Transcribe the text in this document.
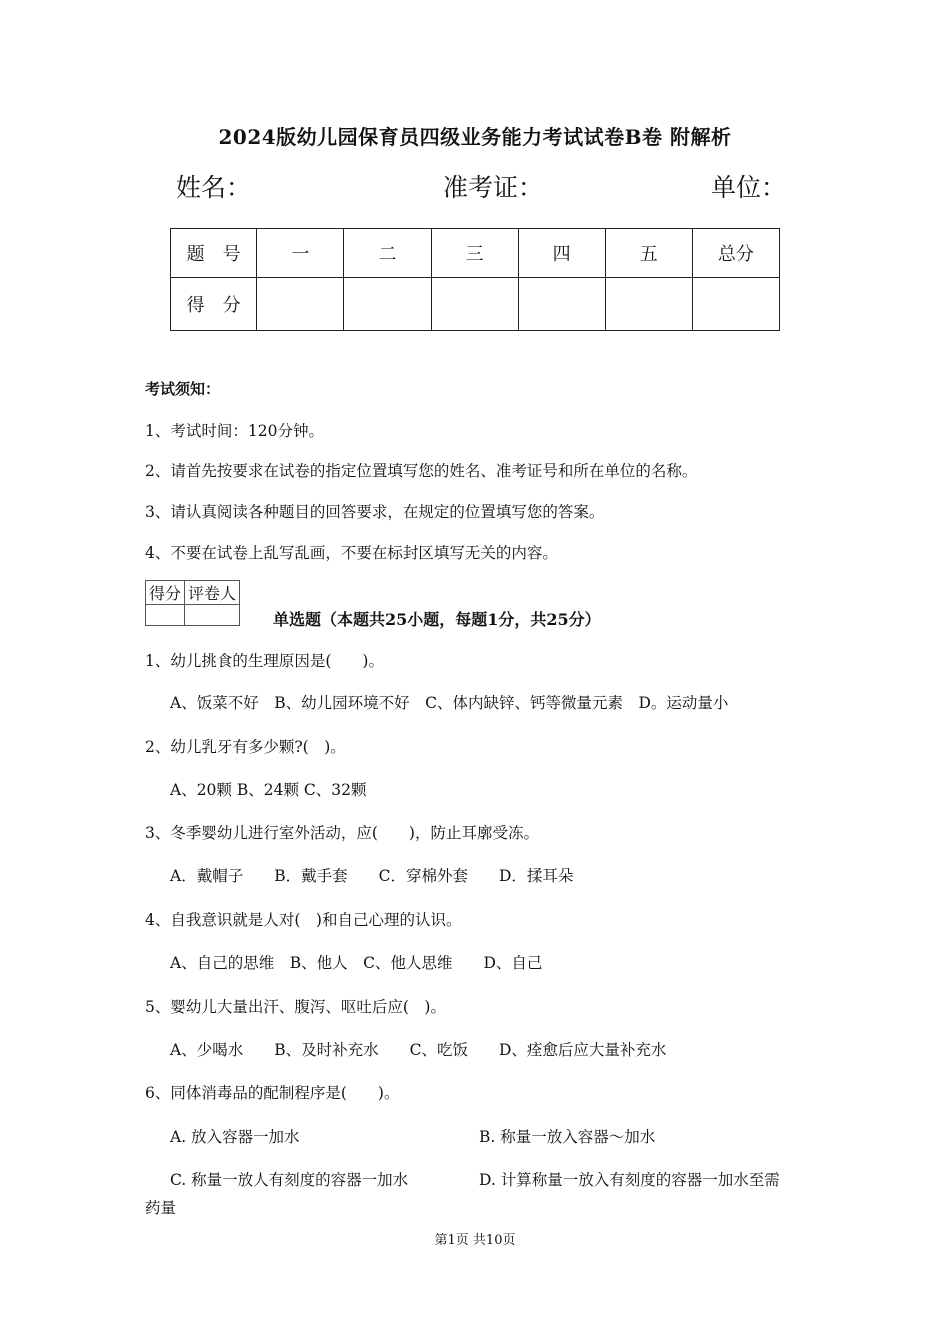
2024版幼儿园保育员四级业务能力考试试卷B卷 附解析
姓名：	准考证：	单位：
题　号	一	二	三	四	五	总分
得　分						
考试须知：
1、考试时间：120分钟。
2、请首先按要求在试卷的指定位置填写您的姓名、准考证号和所在单位的名称。
3、请认真阅读各种题目的回答要求，在规定的位置填写您的答案。
4、不要在试卷上乱写乱画，不要在标封区填写无关的内容。
得分	评卷人

单选题（本题共25小题，每题1分，共25分）
1、幼儿挑食的生理原因是(　　)。
A、饭菜不好　B、幼儿园环境不好　C、体内缺锌、钙等微量元素　D。运动量小
2、幼儿乳牙有多少颗?(　)。
A、20颗 B、24颗 C、32颗
3、冬季婴幼儿进行室外活动，应(　　)，防止耳廓受冻。
A．戴帽子　　B．戴手套　　C．穿棉外套　　D．揉耳朵
4、自我意识就是人对(　)和自己心理的认识。
A、自己的思维　B、他人　C、他人思维　　D、自己
5、婴幼儿大量出汗、腹泻、呕吐后应(　)。
A、少喝水　　B、及时补充水　　C、吃饭　　D、痊愈后应大量补充水
6、同体消毒品的配制程序是(　　)。
A. 放入容器一加水	B. 称量一放入容器～加水
C. 称量一放人有刻度的容器一加水	D. 计算称量一放入有刻度的容器一加水至需
药量
第1页 共10页
